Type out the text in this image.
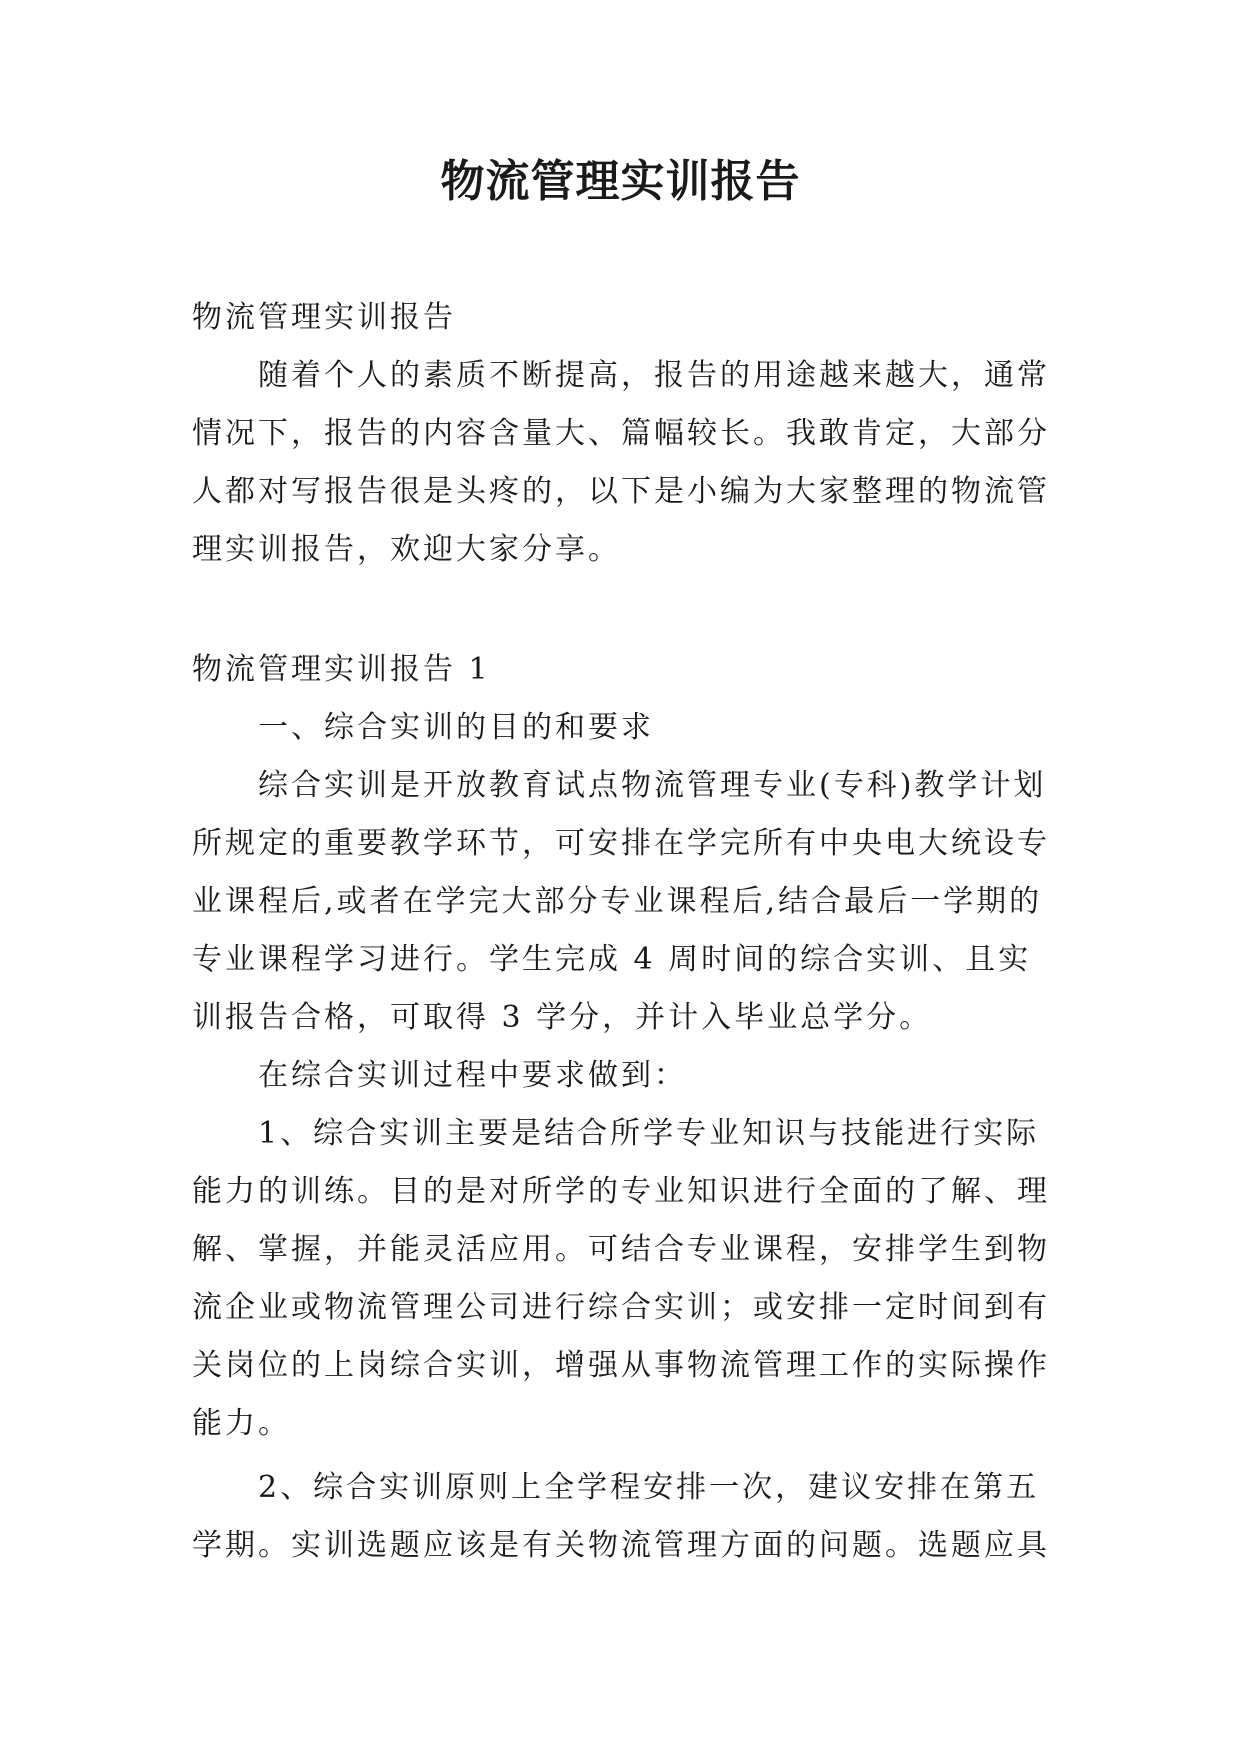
物流管理实训报告

物流管理实训报告

随着个人的素质不断提高，报告的用途越来越大，通常情况下，报告的内容含量大、篇幅较长。我敢肯定，大部分人都对写报告很是头疼的，以下是小编为大家整理的物流管理实训报告，欢迎大家分享。

物流管理实训报告 1

一、综合实训的目的和要求

综合实训是开放教育试点物流管理专业(专科)教学计划所规定的重要教学环节，可安排在学完所有中央电大统设专业课程后,或者在学完大部分专业课程后,结合最后一学期的专业课程学习进行。学生完成 4 周时间的综合实训、且实训报告合格，可取得 3 学分，并计入毕业总学分。

在综合实训过程中要求做到：

1、综合实训主要是结合所学专业知识与技能进行实际能力的训练。目的是对所学的专业知识进行全面的了解、理解、掌握，并能灵活应用。可结合专业课程，安排学生到物流企业或物流管理公司进行综合实训；或安排一定时间到有关岗位的上岗综合实训，增强从事物流管理工作的实际操作能力。

2、综合实训原则上全学程安排一次，建议安排在第五学期。实训选题应该是有关物流管理方面的问题。选题应具
